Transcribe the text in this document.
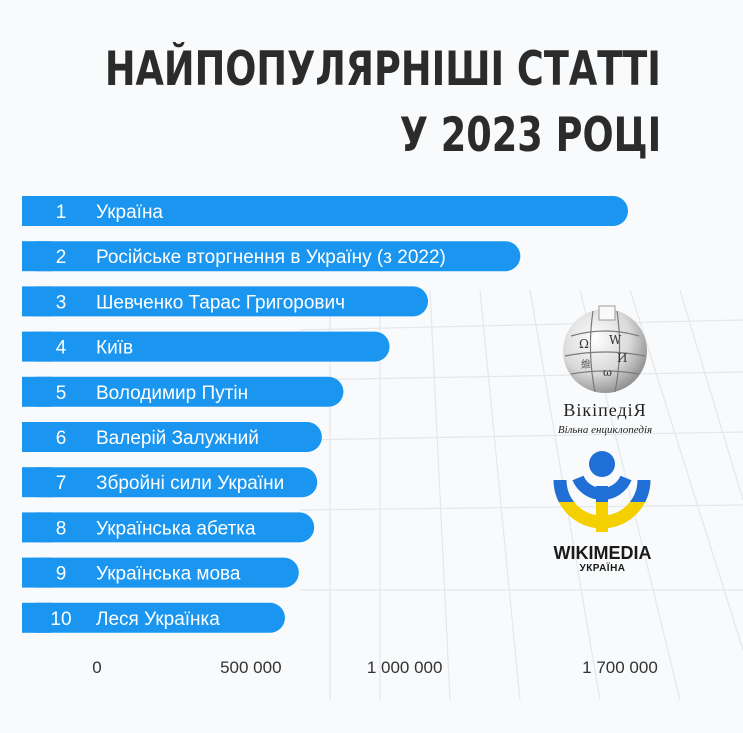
НАЙПОПУЛЯРНІШІ СТАТТІ
У 2023 РОЦІ
1 Україна
2 Російське вторгнення в Україну (з 2022)
3 Шевченко Тарас Григорович
4 Київ
5 Володимир Путін
6 Валерій Залужний
7 Збройні сили України
8 Українська абетка
9 Українська мова
10 Леся Українка
0	500 000	1 000 000	1 700 000
Ω W
И
維
ω
ВікіпедіЯ
Вільна енциклопедія
WIKIMEDIA
УКРАЇНА
